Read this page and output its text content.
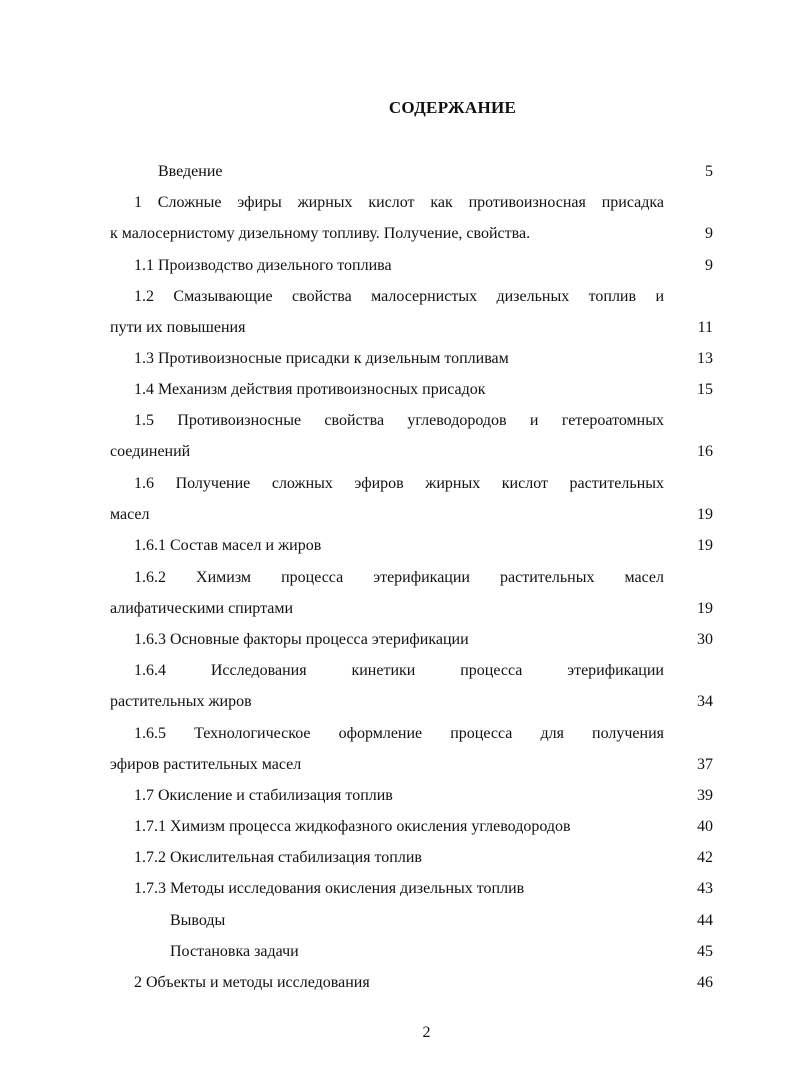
СОДЕРЖАНИЕ
Введение	5
1 Сложные эфиры жирных кислот как противоизносная присадка
к малосернистому дизельному топливу. Получение, свойства.	9
1.1 Производство дизельного топлива	9
1.2 Смазывающие свойства малосернистых дизельных топлив и
пути их повышения	11
1.3 Противоизносные присадки к дизельным топливам	13
1.4 Механизм действия противоизносных присадок	15
1.5 Противоизносные свойства углеводородов и гетероатомных
соединений	16
1.6 Получение сложных эфиров жирных кислот растительных
масел	19
1.6.1 Состав масел и жиров	19
1.6.2 Химизм процесса этерификации растительных масел
алифатическими спиртами	19
1.6.3 Основные факторы процесса этерификации	30
1.6.4 Исследования кинетики процесса этерификации
растительных жиров	34
1.6.5 Технологическое оформление процесса для получения
эфиров растительных масел	37
1.7 Окисление и стабилизация топлив	39
1.7.1 Химизм процесса жидкофазного окисления углеводородов	40
1.7.2 Окислительная стабилизация топлив	42
1.7.3 Методы исследования окисления дизельных топлив	43
Выводы	44
Постановка задачи	45
2 Объекты и методы исследования	46
2
